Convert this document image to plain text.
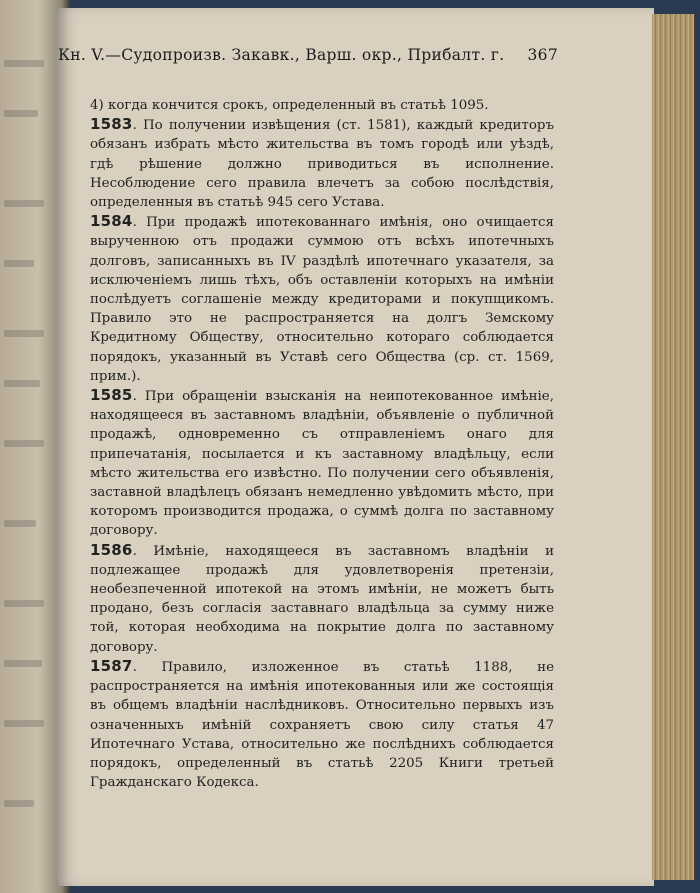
Кн. V.—Судопроизв. Закавк., Варш. окр., Прибалт. г. 367

4) когда кончится срокъ, определенный въ статьѣ 1095.

1583. По получении извѣщения (ст. 1581), каждый кредиторъ обязанъ избрать мѣсто жительства въ томъ городѣ или уѣздѣ, гдѣ рѣшение должно приводиться въ исполнение. Несоблюдение сего правила влечетъ за собою послѣдствія, определенныя въ статьѣ 945 сего Устава.

1584. При продажѣ ипотекованнаго имѣнія, оно очищается вырученною отъ продажи суммою отъ всѣхъ ипотечныхъ долговъ, записанныхъ въ IV раздѣлѣ ипотечнаго указателя, за исключеніемъ лишь тѣхъ, объ оставленіи которыхъ на имѣніи послѣдуетъ соглашеніе между кредиторами и покупщикомъ. Правило это не распространяется на долгъ Земскому Кредитному Обществу, относительно котораго соблюдается порядокъ, указанный въ Уставѣ сего Общества (ср. ст. 1569, прим.).

1585. При обращеніи взысканія на неипотекованное имѣніе, находящееся въ заставномъ владѣніи, объявленіе о публичной продажѣ, одновременно съ отправленіемъ онаго для припечатанія, посылается и къ заставному владѣльцу, если мѣсто жительства его извѣстно. По получении сего объявленія, заставной владѣлецъ обязанъ немедленно увѣдомить мѣсто, при которомъ производится продажа, о суммѣ долга по заставному договору.

1586. Имѣніе, находящееся въ заставномъ владѣніи и подлежащее продажѣ для удовлетворенія претензіи, необезпеченной ипотекой на этомъ имѣніи, не можетъ быть продано, безъ согласія заставнаго владѣльца за сумму ниже той, которая необходима на покрытие долга по заставному договору.

1587. Правило, изложенное въ статьѣ 1188, не распространяется на имѣнія ипотекованныя или же состоящія въ общемъ владѣніи наслѣдниковъ. Относительно первыхъ изъ означенныхъ имѣній сохраняетъ свою силу статья 47 Ипотечнаго Устава, относительно же послѣднихъ соблюдается порядокъ, определенный въ статьѣ 2205 Книги третьей Гражданскаго Кодекса.
